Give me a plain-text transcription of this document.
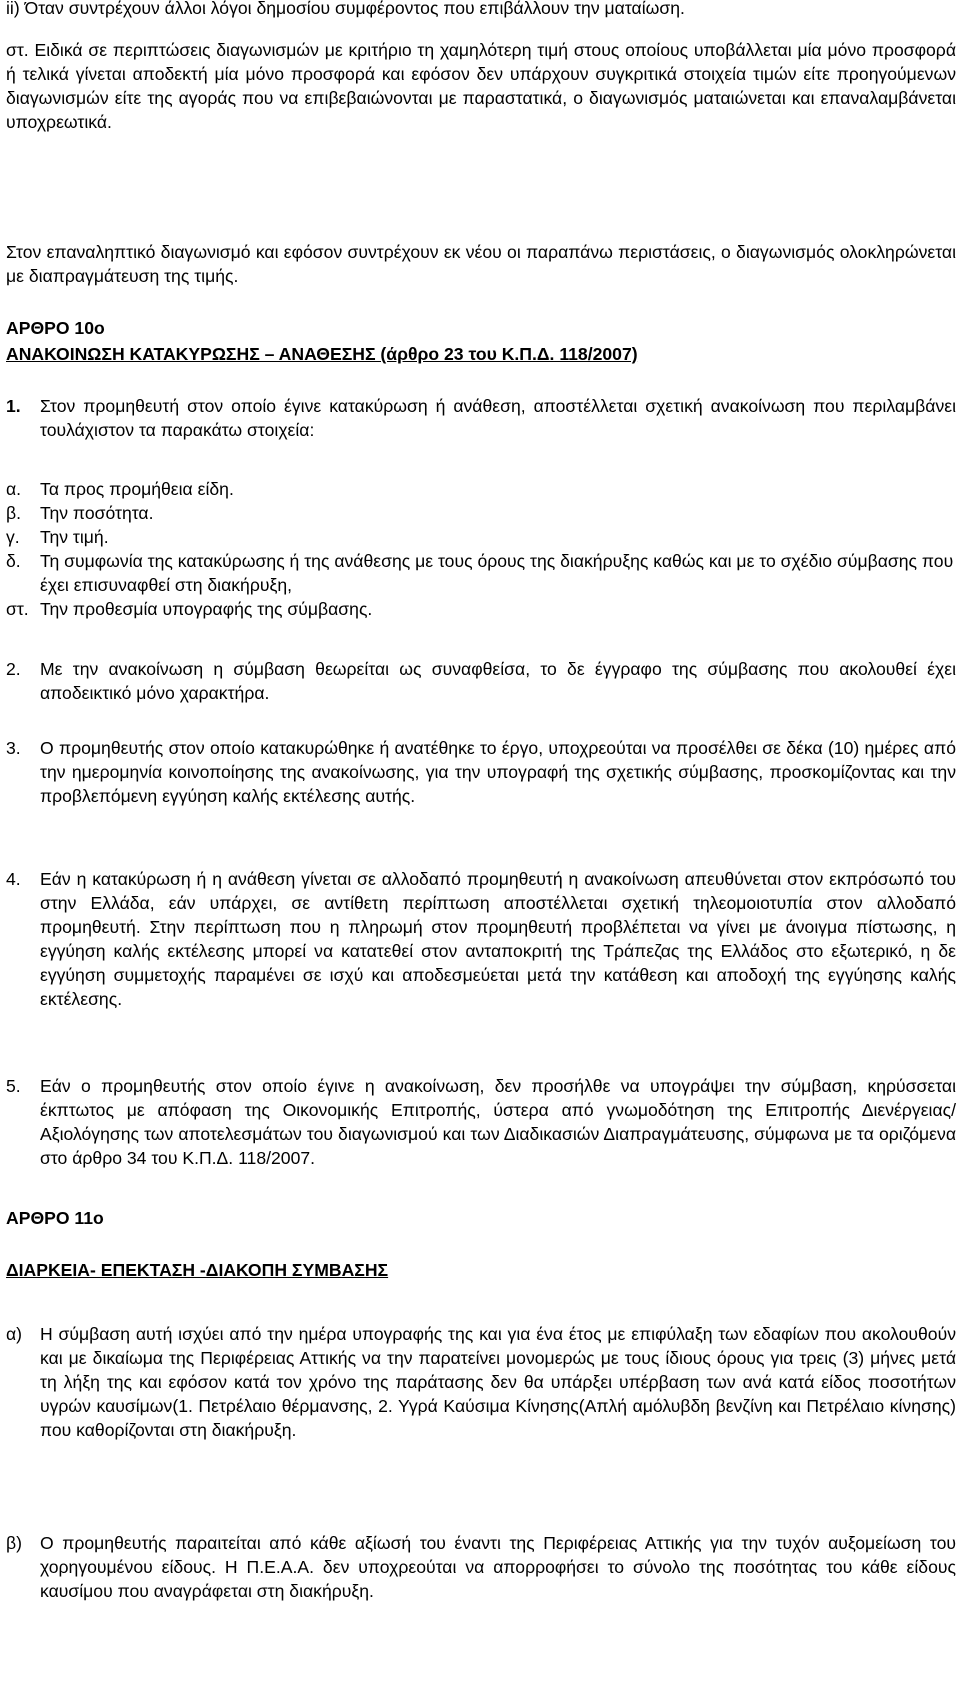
ii) Όταν συντρέχουν άλλοι λόγοι δημοσίου συμφέροντος που επιβάλλουν την ματαίωση.

στ. Ειδικά σε περιπτώσεις διαγωνισμών με κριτήριο τη χαμηλότερη τιμή στους οποίους υποβάλλεται μία μόνο προσφορά ή τελικά γίνεται αποδεκτή μία μόνο προσφορά και εφόσον δεν υπάρχουν συγκριτικά στοιχεία τιμών είτε προηγούμενων διαγωνισμών είτε της αγοράς που να επιβεβαιώνονται με παραστατικά, ο διαγωνισμός ματαιώνεται και επαναλαμβάνεται υποχρεωτικά.

Στον επαναληπτικό διαγωνισμό και εφόσον συντρέχουν εκ νέου οι παραπάνω περιστάσεις, ο διαγωνισμός ολοκληρώνεται με διαπραγμάτευση της τιμής.

ΑΡΘΡΟ 10ο

ΑΝΑΚΟΙΝΩΣΗ ΚΑΤΑΚΥΡΩΣΗΣ – ΑΝΑΘΕΣΗΣ (άρθρο 23 του Κ.Π.Δ. 118/2007)

1.	Στον προμηθευτή στον οποίο έγινε κατακύρωση ή ανάθεση, αποστέλλεται σχετική ανακοίνωση που περιλαμβάνει τουλάχιστον τα παρακάτω στοιχεία:
α.	Τα προς προμήθεια είδη.
β.	Την ποσότητα.
γ.	Την τιμή.
δ.	Τη συμφωνία της κατακύρωσης ή της ανάθεσης με τους όρους της διακήρυξης καθώς και με το σχέδιο σύμβασης που έχει επισυναφθεί στη διακήρυξη,
στ. Την προθεσμία υπογραφής της σύμβασης.
2.	Με την ανακοίνωση η σύμβαση θεωρείται ως συναφθείσα, το δε έγγραφο της σύμβασης που ακολουθεί έχει αποδεικτικό μόνο χαρακτήρα.
3.	Ο προμηθευτής στον οποίο κατακυρώθηκε ή ανατέθηκε το έργο, υποχρεούται να προσέλθει σε δέκα (10) ημέρες από την ημερομηνία κοινοποίησης της ανακοίνωσης, για την υπογραφή της σχετικής σύμβασης, προσκομίζοντας και την προβλεπόμενη εγγύηση καλής εκτέλεσης αυτής.
4.	Εάν η κατακύρωση ή η ανάθεση γίνεται σε αλλοδαπό προμηθευτή η ανακοίνωση απευθύνεται στον εκπρόσωπό του στην Ελλάδα, εάν υπάρχει, σε αντίθετη περίπτωση αποστέλλεται σχετική τηλεομοιοτυπία στον αλλοδαπό προμηθευτή. Στην περίπτωση που η πληρωμή στον προμηθευτή προβλέπεται να γίνει με άνοιγμα πίστωσης, η εγγύηση καλής εκτέλεσης μπορεί να κατατεθεί στον ανταποκριτή της Τράπεζας της Ελλάδος στο εξωτερικό, η δε εγγύηση συμμετοχής παραμένει σε ισχύ και αποδεσμεύεται μετά την κατάθεση και αποδοχή της εγγύησης καλής εκτέλεσης.
5.	Εάν ο προμηθευτής στον οποίο έγινε η ανακοίνωση, δεν προσήλθε να υπογράψει την σύμβαση, κηρύσσεται έκπτωτος με απόφαση της Οικονομικής Επιτροπής, ύστερα από γνωμοδότηση της Επιτροπής Διενέργειας/Αξιολόγησης των αποτελεσμάτων του διαγωνισμού και των Διαδικασιών Διαπραγμάτευσης, σύμφωνα με τα οριζόμενα στο άρθρο 34 του Κ.Π.Δ. 118/2007.

ΑΡΘΡΟ 11ο

ΔΙΑΡΚΕΙΑ- ΕΠΕΚΤΑΣΗ -ΔΙΑΚΟΠΗ ΣΥΜΒΑΣΗΣ

α)	Η σύμβαση αυτή ισχύει από την ημέρα υπογραφής της και για ένα έτος με επιφύλαξη των εδαφίων που ακολουθούν και με δικαίωμα της Περιφέρειας Αττικής να την παρατείνει μονομερώς με τους ίδιους όρους για τρεις (3) μήνες μετά τη λήξη της και εφόσον κατά τον χρόνο της παράτασης δεν θα υπάρξει υπέρβαση των ανά κατά είδος ποσοτήτων υγρών καυσίμων(1. Πετρέλαιο θέρμανσης, 2. Υγρά Καύσιμα Κίνησης(Απλή αμόλυβδη βενζίνη και Πετρέλαιο κίνησης) που καθορίζονται στη διακήρυξη.
β)	Ο προμηθευτής παραιτείται από κάθε αξίωσή του έναντι της Περιφέρειας Αττικής για την τυχόν αυξομείωση του χορηγουμένου είδους. Η Π.Ε.Α.Α. δεν υποχρεούται να απορροφήσει το σύνολο της ποσότητας του κάθε είδους καυσίμου που αναγράφεται στη διακήρυξη.
